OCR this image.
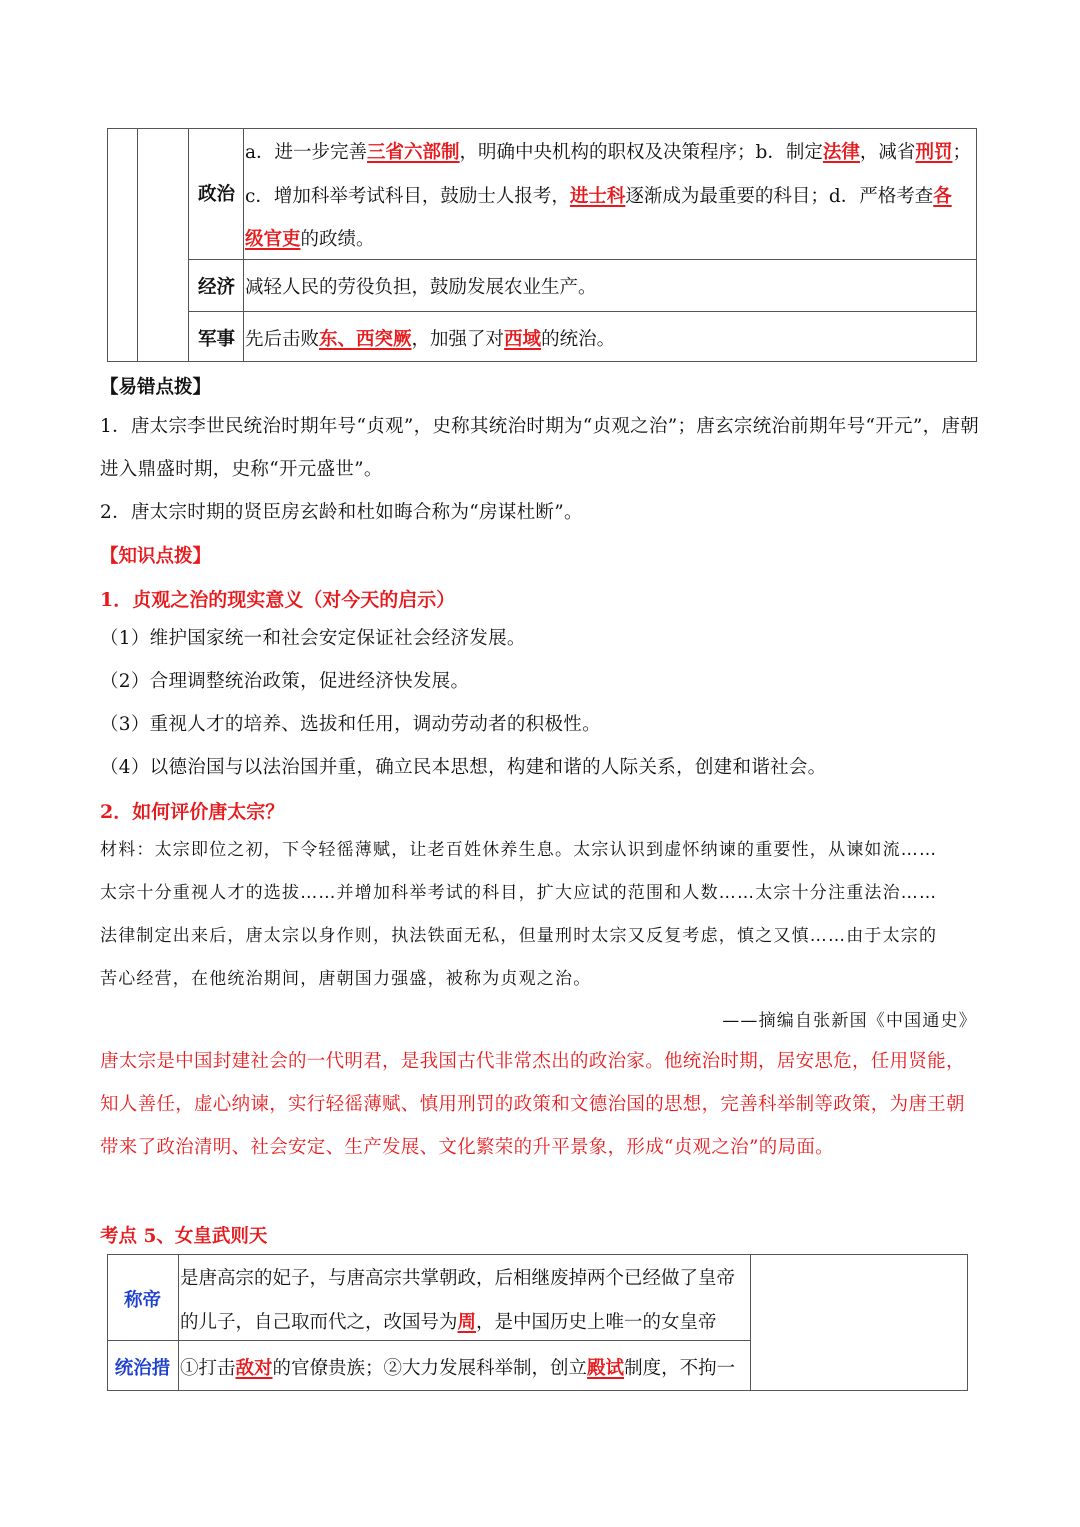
政治
经济
军事
a．进一步完善三省六部制，明确中央机构的职权及决策程序；b．制定法律，减省刑罚；
c．增加科举考试科目，鼓励士人报考，进士科逐渐成为最重要的科目；d．严格考查各
级官吏的政绩。
减轻人民的劳役负担，鼓励发展农业生产。
先后击败东、西突厥，加强了对西域的统治。
【易错点拨】
1．唐太宗李世民统治时期年号“贞观”，史称其统治时期为“贞观之治”；唐玄宗统治前期年号“开元”，唐朝
进入鼎盛时期，史称“开元盛世”。
2．唐太宗时期的贤臣房玄龄和杜如晦合称为“房谋杜断”。
【知识点拨】
1．贞观之治的现实意义（对今天的启示）
（1）维护国家统一和社会安定保证社会经济发展。
（2）合理调整统治政策，促进经济快发展。
（3）重视人才的培养、选拔和任用，调动劳动者的积极性。
（4）以德治国与以法治国并重，确立民本思想，构建和谐的人际关系，创建和谐社会。
2．如何评价唐太宗？
材料：太宗即位之初，下令轻徭薄赋，让老百姓休养生息。太宗认识到虚怀纳谏的重要性，从谏如流……
太宗十分重视人才的选拔……并增加科举考试的科目，扩大应试的范围和人数……太宗十分注重法治……
法律制定出来后，唐太宗以身作则，执法铁面无私，但量刑时太宗又反复考虑，慎之又慎……由于太宗的
苦心经营，在他统治期间，唐朝国力强盛，被称为贞观之治。
——摘编自张新国《中国通史》
唐太宗是中国封建社会的一代明君，是我国古代非常杰出的政治家。他统治时期，居安思危，任用贤能，
知人善任，虚心纳谏，实行轻徭薄赋、慎用刑罚的政策和文德治国的思想，完善科举制等政策，为唐王朝
带来了政治清明、社会安定、生产发展、文化繁荣的升平景象，形成“贞观之治”的局面。
考点 5、女皇武则天
称帝
是唐高宗的妃子，与唐高宗共掌朝政，后相继废掉两个已经做了皇帝
的儿子，自己取而代之，改国号为周，是中国历史上唯一的女皇帝
统治措 ①打击敌对的官僚贵族；②大力发展科举制，创立殿试制度，不拘一
